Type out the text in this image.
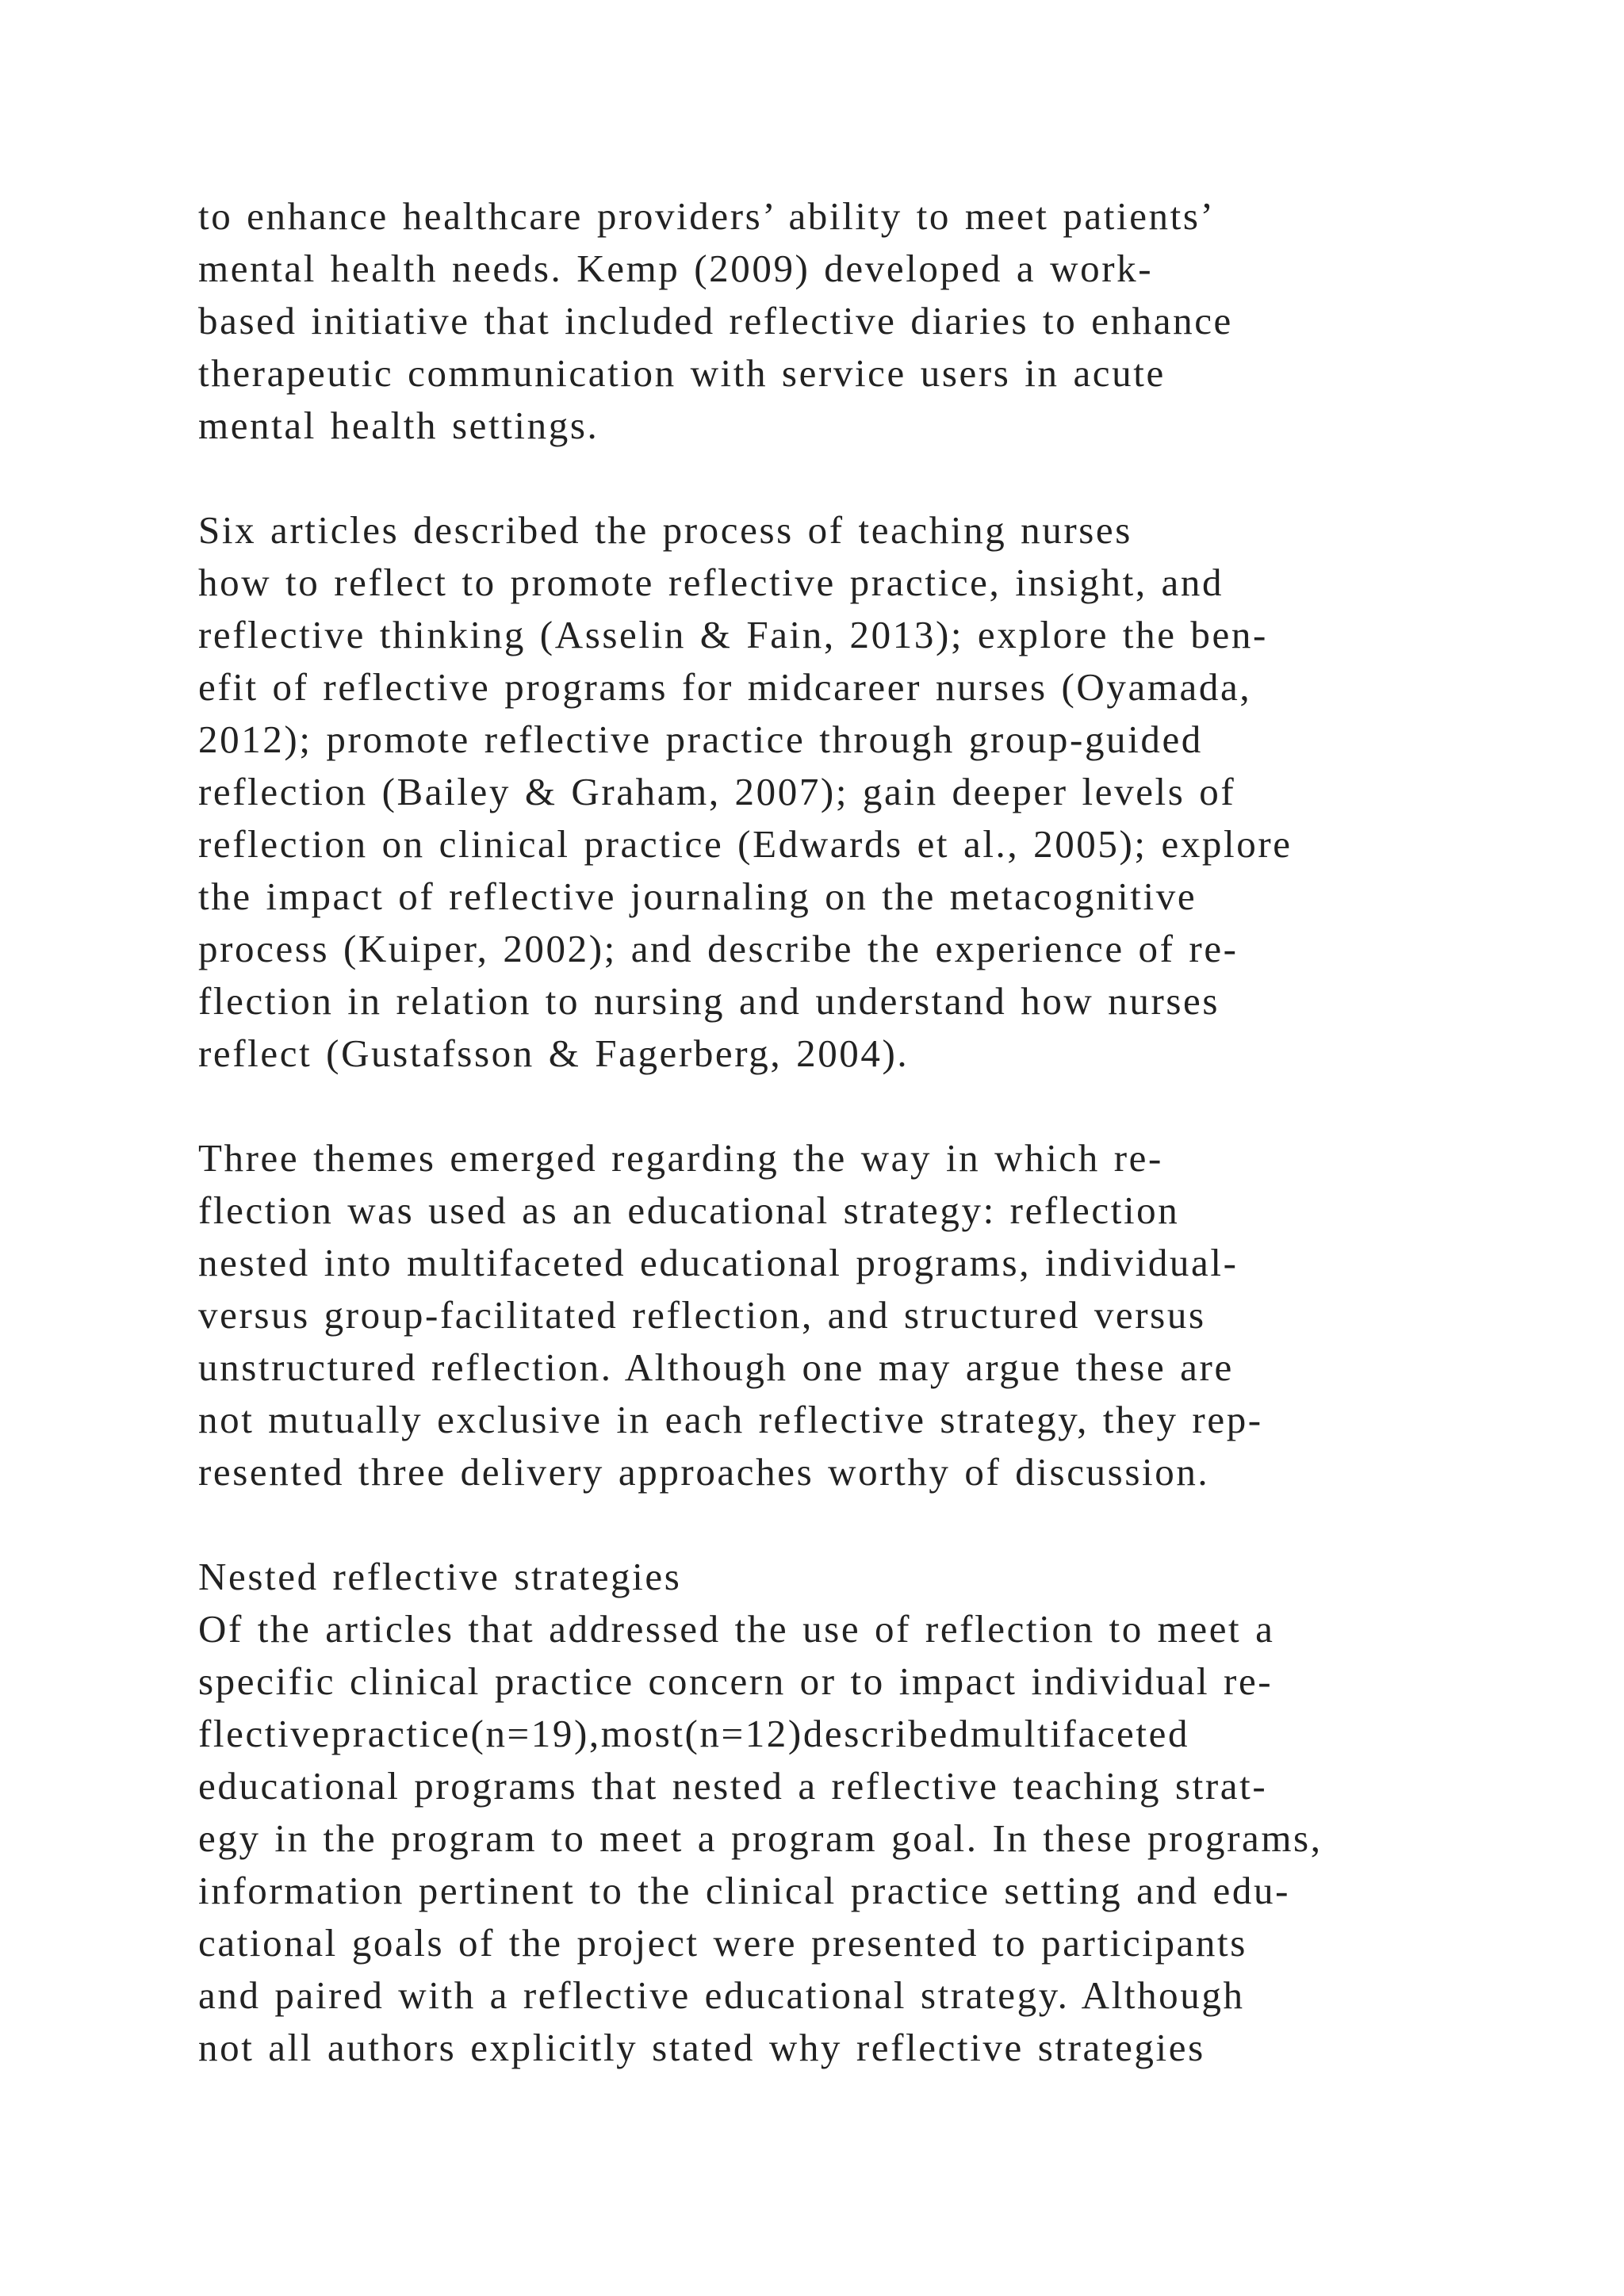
to enhance healthcare providers’ ability to meet patients’
mental health needs. Kemp (2009) developed a work-
based initiative that included reflective diaries to enhance
therapeutic communication with service users in acute
mental health settings.
Six articles described the process of teaching nurses
how to reflect to promote reflective practice, insight, and
reflective thinking (Asselin & Fain, 2013); explore the ben-
efit of reflective programs for midcareer nurses (Oyamada,
2012); promote reflective practice through group-guided
reflection (Bailey & Graham, 2007); gain deeper levels of
reflection on clinical practice (Edwards et al., 2005); explore
the impact of reflective journaling on the metacognitive
process (Kuiper, 2002); and describe the experience of re-
flection in relation to nursing and understand how nurses
reflect (Gustafsson & Fagerberg, 2004).
Three themes emerged regarding the way in which re-
flection was used as an educational strategy: reflection
nested into multifaceted educational programs, individual-
versus group-facilitated reflection, and structured versus
unstructured reflection. Although one may argue these are
not mutually exclusive in each reflective strategy, they rep-
resented three delivery approaches worthy of discussion.
Nested reflective strategies
Of the articles that addressed the use of reflection to meet a
specific clinical practice concern or to impact individual re-
flectivepractice(n=19),most(n=12)describedmultifaceted
educational programs that nested a reflective teaching strat-
egy in the program to meet a program goal. In these programs,
information pertinent to the clinical practice setting and edu-
cational goals of the project were presented to participants
and paired with a reflective educational strategy. Although
not all authors explicitly stated why reflective strategies
